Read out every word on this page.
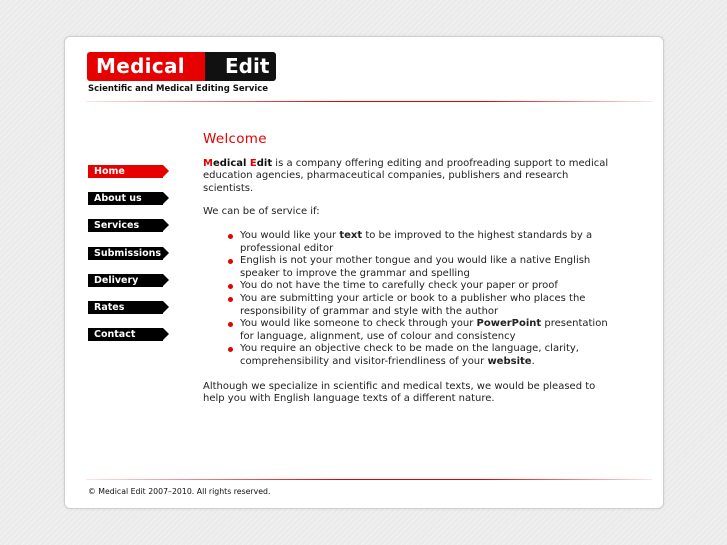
Medical	Edit
Scientific and Medical Editing Service
Home
About us
Services
Submissions
Delivery
Rates
Contact
Welcome

Medical Edit is a company offering editing and proofreading support to medical education agencies, pharmaceutical companies, publishers and research scientists.

We can be of service if:

You would like your text to be improved to the highest standards by a professional editor
English is not your mother tongue and you would like a native English speaker to improve the grammar and spelling
You do not have the time to carefully check your paper or proof
You are submitting your article or book to a publisher who places the responsibility of grammar and style with the author
You would like someone to check through your PowerPoint presentation for language, alignment, use of colour and consistency
You require an objective check to be made on the language, clarity, comprehensibility and visitor-friendliness of your website.

Although we specialize in scientific and medical texts, we would be pleased to help you with English language texts of a different nature.

© Medical Edit 2007–2010. All rights reserved.
